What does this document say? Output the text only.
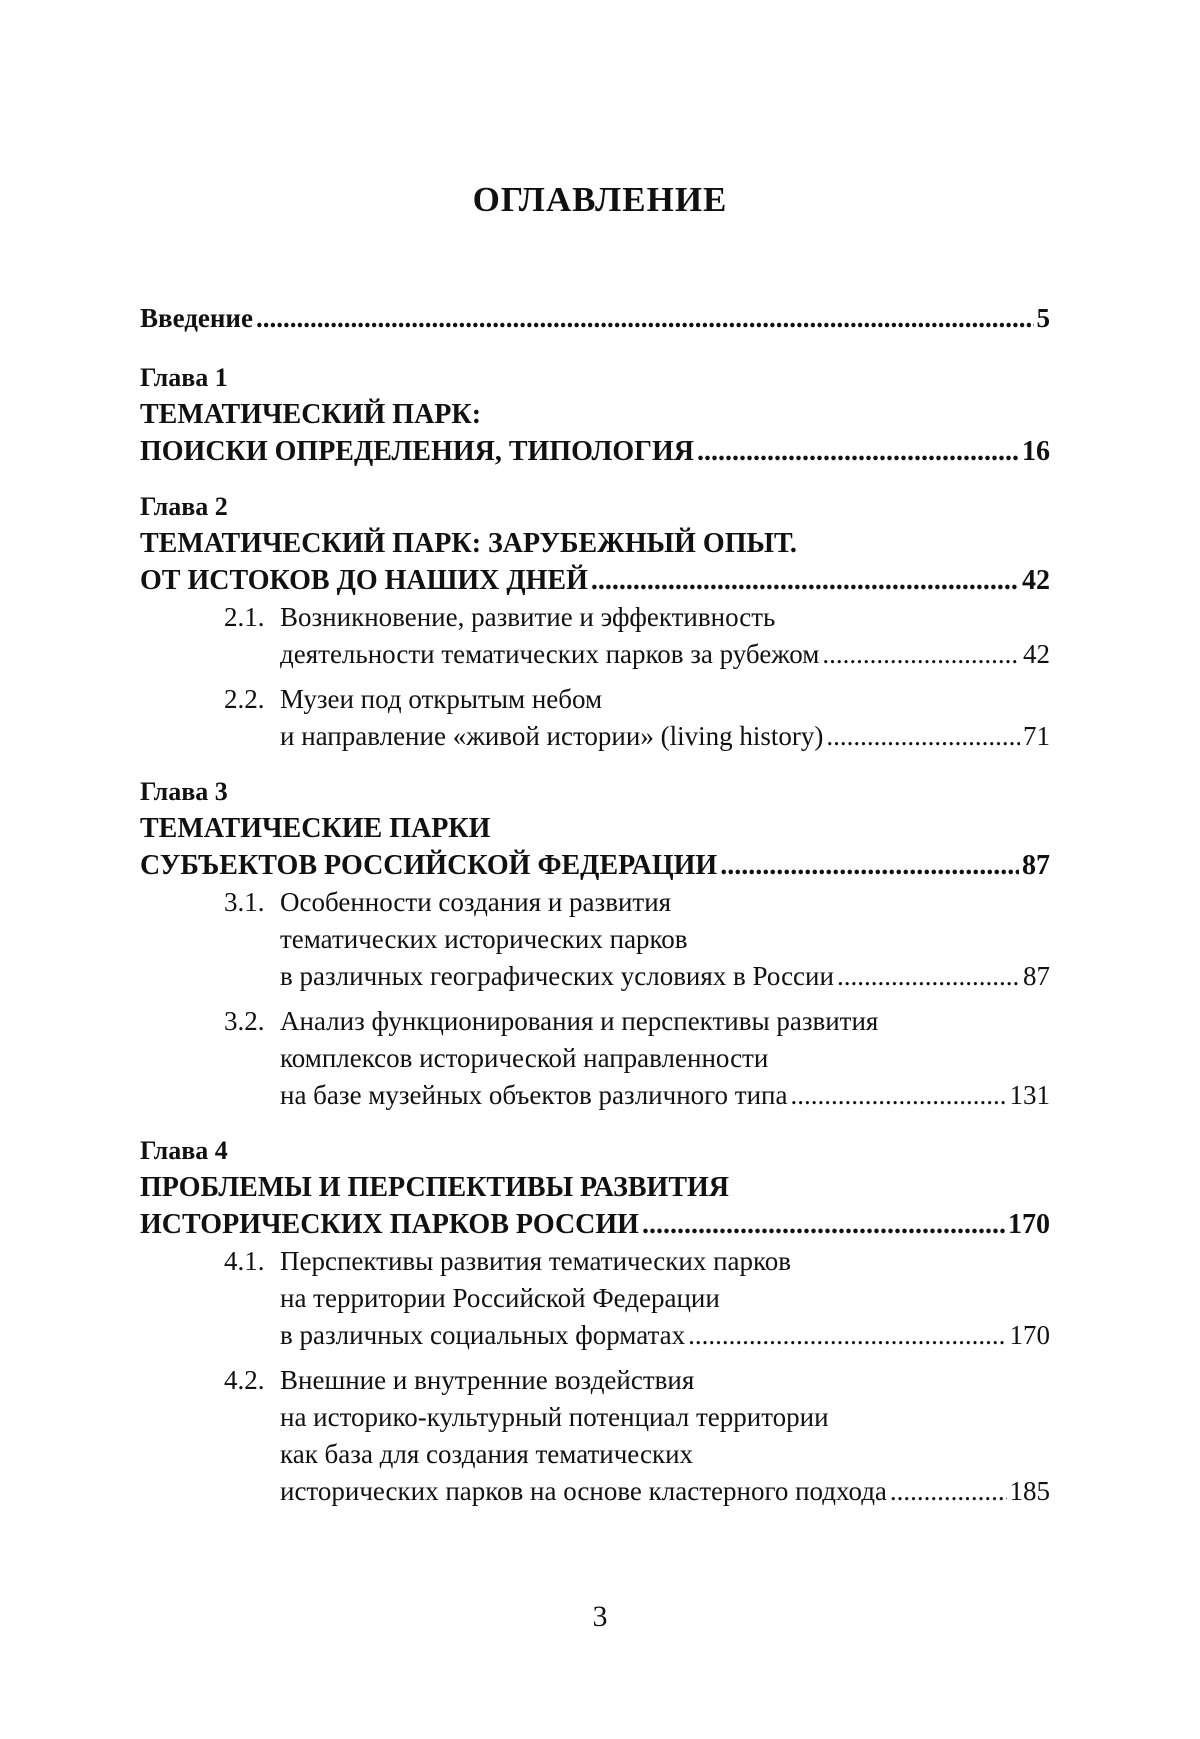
ОГЛАВЛЕНИЕ
Введение .....	5
Глава 1
ТЕМАТИЧЕСКИЙ ПАРК:
ПОИСКИ ОПРЕДЕЛЕНИЯ, ТИПОЛОГИЯ .....	16
Глава 2
ТЕМАТИЧЕСКИЙ ПАРК: ЗАРУБЕЖНЫЙ ОПЫТ.
ОТ ИСТОКОВ ДО НАШИХ ДНЕЙ .....	42
2.1. Возникновение, развитие и эффективность
деятельности тематических парков за рубежом .....	42
2.2. Музеи под открытым небом
и направление «живой истории» (living history) .....	71
Глава 3
ТЕМАТИЧЕСКИЕ ПАРКИ
СУБЪЕКТОВ РОССИЙСКОЙ ФЕДЕРАЦИИ .....	87
3.1. Особенности создания и развития
тематических исторических парков
в различных географических условиях в России .....	87
3.2. Анализ функционирования и перспективы развития
комплексов исторической направленности
на базе музейных объектов различного типа .....	131
Глава 4
ПРОБЛЕМЫ И ПЕРСПЕКТИВЫ РАЗВИТИЯ
ИСТОРИЧЕСКИХ ПАРКОВ РОССИИ .....	170
4.1. Перспективы развития тематических парков
на территории Российской Федерации
в различных социальных форматах .....	170
4.2. Внешние и внутренние воздействия
на историко-культурный потенциал территории
как база для создания тематических
исторических парков на основе кластерного подхода .....	185
3
